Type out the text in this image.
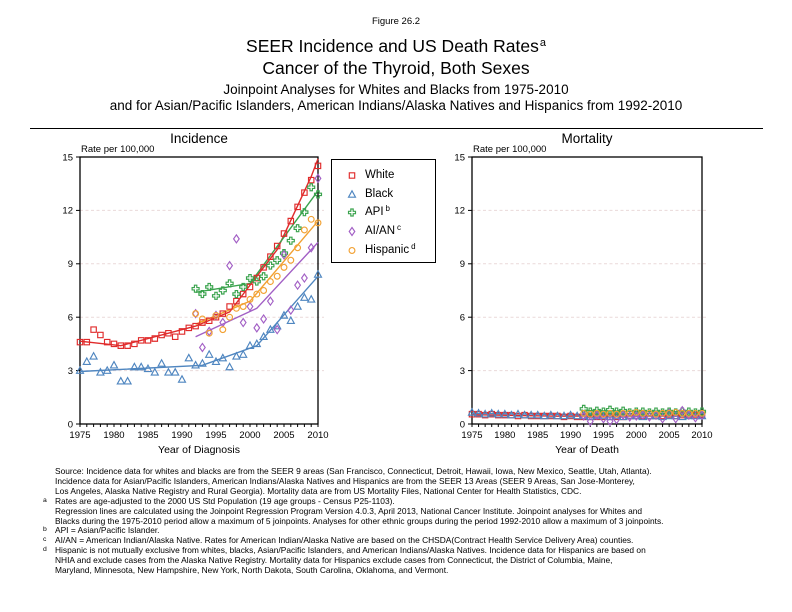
Figure 26.2
SEER Incidence and US Death Rates$^a$
Cancer of the Thyroid, Both Sexes
Joinpoint Analyses for Whites and Blacks from 1975-2010
and for Asian/Pacific Islanders, American Indians/Alaska Natives and Hispanics from 1992-2010
Incidence
Rate per 100,000
0
3
6
9
12
15
1975 1980 1985 1990 1995 2000 2005 2010
Year of Diagnosis
Mortality
Rate per 100,000
0
3
6
9
12
15
1975 1980 1985 1990 1995 2000 2005 2010
Year of Death
White
Black
API b
AI/AN c
Hispanic d
Source: Incidence data for whites and blacks are from the SEER 9 areas (San Francisco, Connecticut, Detroit, Hawaii, Iowa, New Mexico, Seattle, Utah, Atlanta).
Incidence data for Asian/Pacific Islanders, American Indians/Alaska Natives and Hispanics are from the SEER 13 Areas (SEER 9 Areas, San Jose-Monterey,
Los Angeles, Alaska Native Registry and Rural Georgia). Mortality data are from US Mortality Files, National Center for Health Statistics, CDC.
a Rates are age-adjusted to the 2000 US Std Population (19 age groups - Census P25-1103).
Regression lines are calculated using the Joinpoint Regression Program Version 4.0.3, April 2013, National Cancer Institute. Joinpoint analyses for Whites and
Blacks during the 1975-2010 period allow a maximum of 5 joinpoints. Analyses for other ethnic groups during the period 1992-2010 allow a maximum of 3 joinpoints.
b API = Asian/Pacific Islander.
c	AI/AN = American Indian/Alaska Native. Rates for American Indian/Alaska Native are based on the CHSDA(Contract Health Service Delivery Area) counties.
d Hispanic is not mutually exclusive from whites, blacks, Asian/Pacific Islanders, and American Indians/Alaska Natives. Incidence data for Hispanics are based on
NHIA and exclude cases from the Alaska Native Registry. Mortality data for Hispanics exclude cases from Connecticut, the District of Columbia, Maine,
Maryland, Minnesota, New Hampshire, New York, North Dakota, South Carolina, Oklahoma, and Vermont.
